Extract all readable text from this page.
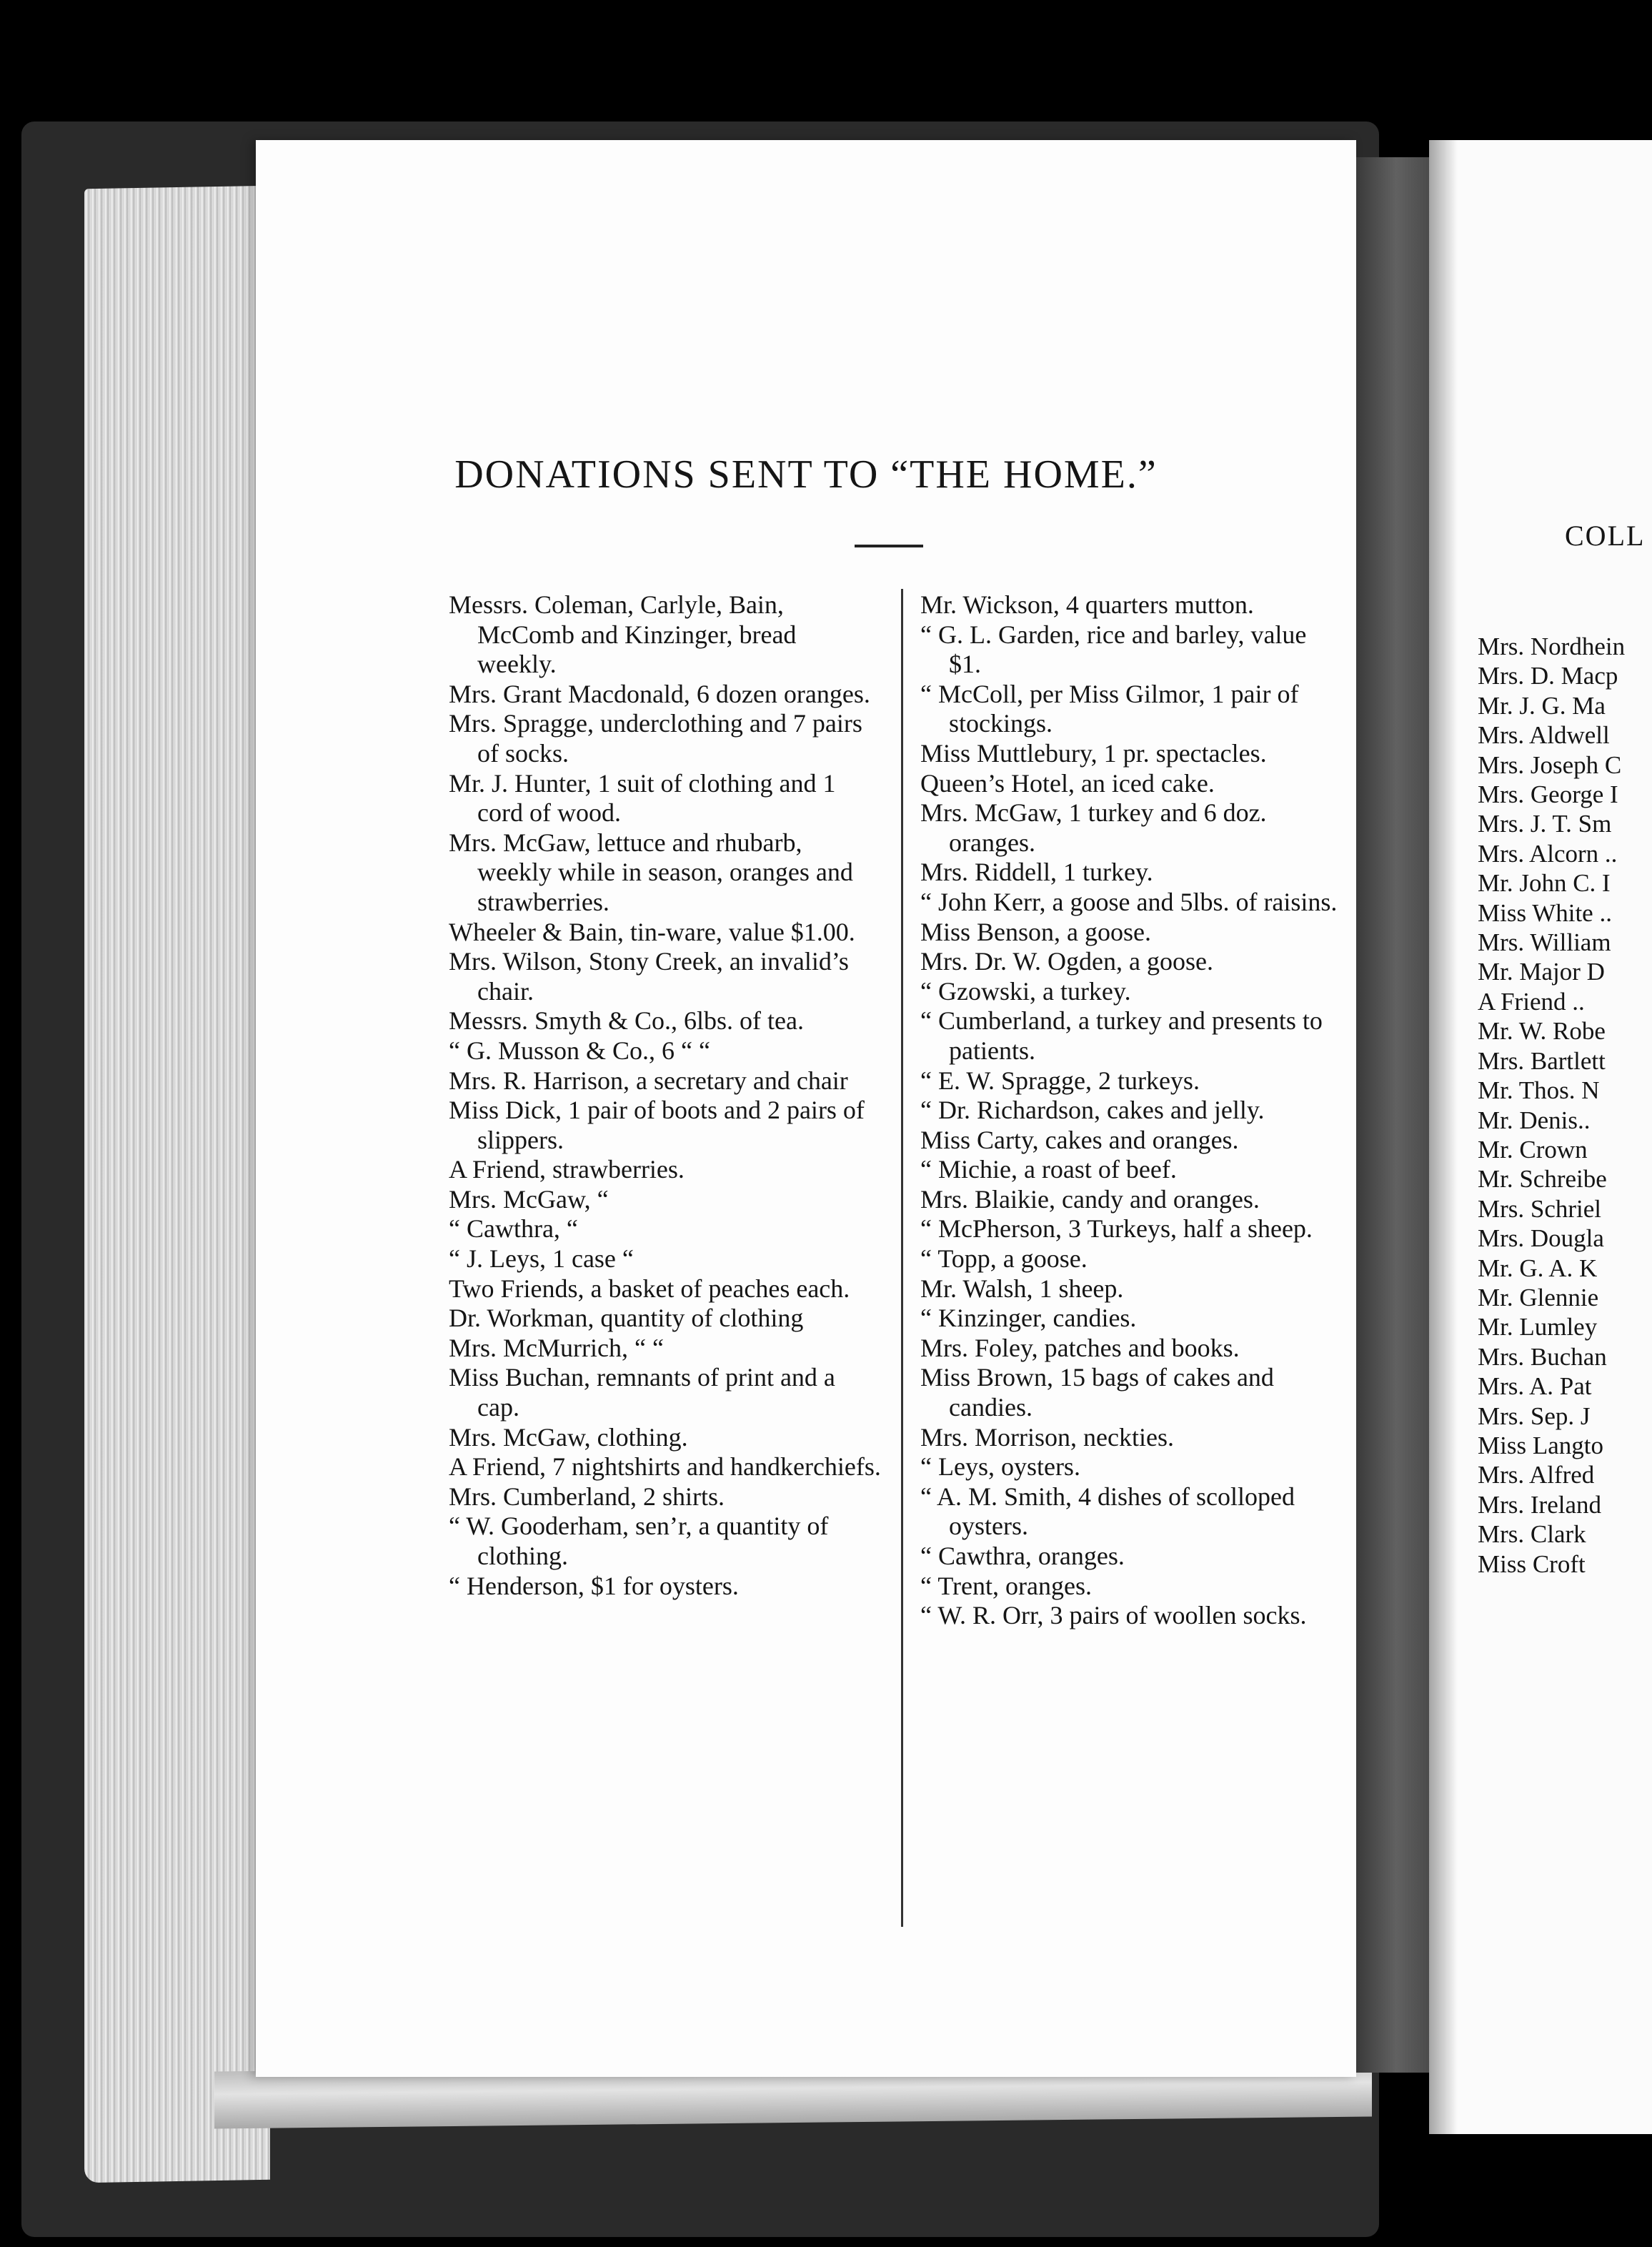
DONATIONS SENT TO “THE HOME.”
Messrs. Coleman, Carlyle, Bain, McComb and Kinzinger, bread weekly.
Mrs. Grant Macdonald, 6 dozen oranges.
Mrs. Spragge, underclothing and 7 pairs of socks.
Mr. J. Hunter, 1 suit of clothing and 1 cord of wood.
Mrs. McGaw, lettuce and rhubarb, weekly while in season, oranges and strawberries.
Wheeler & Bain, tin-ware, value $1.00.
Mrs. Wilson, Stony Creek, an invalid’s chair.
Messrs. Smyth & Co., 6lbs. of tea.
“ G. Musson & Co., 6 “ “
Mrs. R. Harrison, a secretary and chair
Miss Dick, 1 pair of boots and 2 pairs of slippers.
A Friend, strawberries.
Mrs. McGaw, “
“ Cawthra, “
“ J. Leys, 1 case “
Two Friends, a basket of peaches each.
Dr. Workman, quantity of clothing
Mrs. McMurrich, “ “
Miss Buchan, remnants of print and a cap.
Mrs. McGaw, clothing.
A Friend, 7 nightshirts and handkerchiefs.
Mrs. Cumberland, 2 shirts.
“ W. Gooderham, sen’r, a quantity of clothing.
“ Henderson, $1 for oysters.
Mr. Wickson, 4 quarters mutton.
“ G. L. Garden, rice and barley, value $1.
“ McColl, per Miss Gilmor, 1 pair of stockings.
Miss Muttlebury, 1 pr. spectacles.
Queen’s Hotel, an iced cake.
Mrs. McGaw, 1 turkey and 6 doz. oranges.
Mrs. Riddell, 1 turkey.
“ John Kerr, a goose and 5lbs. of raisins.
Miss Benson, a goose.
Mrs. Dr. W. Ogden, a goose.
“ Gzowski, a turkey.
“ Cumberland, a turkey and presents to patients.
“ E. W. Spragge, 2 turkeys.
“ Dr. Richardson, cakes and jelly.
Miss Carty, cakes and oranges.
“ Michie, a roast of beef.
Mrs. Blaikie, candy and oranges.
“ McPherson, 3 Turkeys, half a sheep.
“ Topp, a goose.
Mr. Walsh, 1 sheep.
“ Kinzinger, candies.
Mrs. Foley, patches and books.
Miss Brown, 15 bags of cakes and candies.
Mrs. Morrison, neckties.
“ Leys, oysters.
“ A. M. Smith, 4 dishes of scolloped oysters.
“ Cawthra, oranges.
“ Trent, oranges.
“ W. R. Orr, 3 pairs of woollen socks.
COLL
Mrs. Nordhein
Mrs. D. Macp
Mr. J. G. Ma
Mrs. Aldwell
Mrs. Joseph C
Mrs. George I
Mrs. J. T. Sm
Mrs. Alcorn ..
Mr. John C. I
Miss White ..
Mrs. William
Mr. Major D
A Friend ..
Mr. W. Robe
Mrs. Bartlett
Mr. Thos. N
Mr. Denis..
Mr. Crown
Mr. Schreibe
Mrs. Schriel
Mrs. Dougla
Mr. G. A. K
Mr. Glennie
Mr. Lumley
Mrs. Buchan
Mrs. A. Pat
Mrs. Sep. J
Miss Langto
Mrs. Alfred
Mrs. Ireland
Mrs. Clark
Miss Croft
